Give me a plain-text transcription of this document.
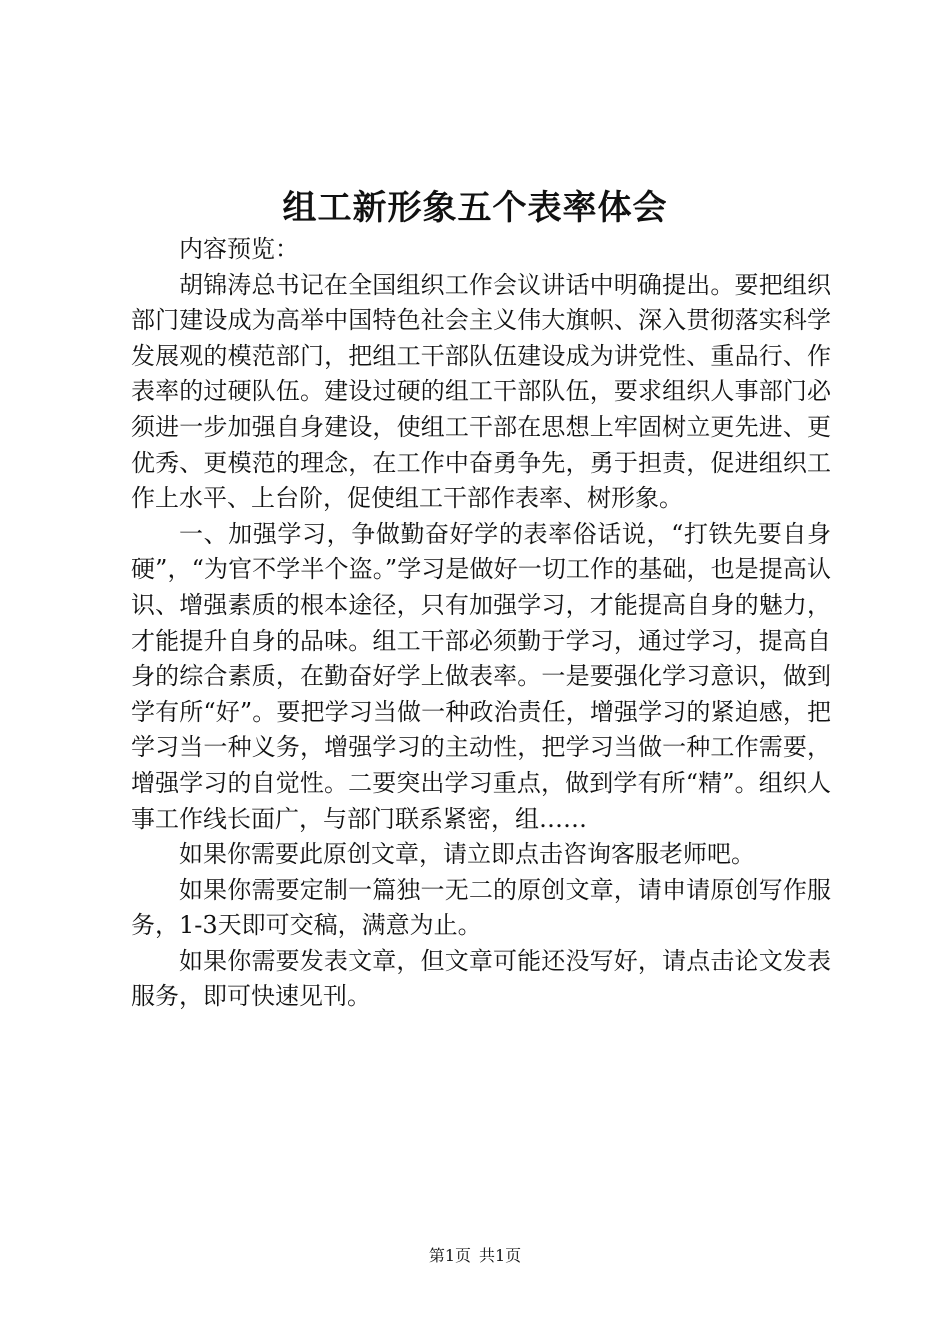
组工新形象五个表率体会

内容预览：

胡锦涛总书记在全国组织工作会议讲话中明确提出。要把组织部门建设成为高举中国特色社会主义伟大旗帜、深入贯彻落实科学发展观的模范部门，把组工干部队伍建设成为讲党性、重品行、作表率的过硬队伍。建设过硬的组工干部队伍，要求组织人事部门必须进一步加强自身建设，使组工干部在思想上牢固树立更先进、更优秀、更模范的理念，在工作中奋勇争先，勇于担责，促进组织工作上水平、上台阶，促使组工干部作表率、树形象。

一、加强学习，争做勤奋好学的表率俗话说，“打铁先要自身硬”，“为官不学半个盗。”学习是做好一切工作的基础，也是提高认识、增强素质的根本途径，只有加强学习，才能提高自身的魅力，才能提升自身的品味。组工干部必须勤于学习，通过学习，提高自身的综合素质，在勤奋好学上做表率。一是要强化学习意识，做到学有所“好”。要把学习当做一种政治责任，增强学习的紧迫感，把学习当一种义务，增强学习的主动性，把学习当做一种工作需要，增强学习的自觉性。二要突出学习重点，做到学有所“精”。组织人事工作线长面广，与部门联系紧密，组……

如果你需要此原创文章，请立即点击咨询客服老师吧。

如果你需要定制一篇独一无二的原创文章，请申请原创写作服务，1-3天即可交稿，满意为止。

如果你需要发表文章，但文章可能还没写好，请点击论文发表服务，即可快速见刊。

第1页 共1页
